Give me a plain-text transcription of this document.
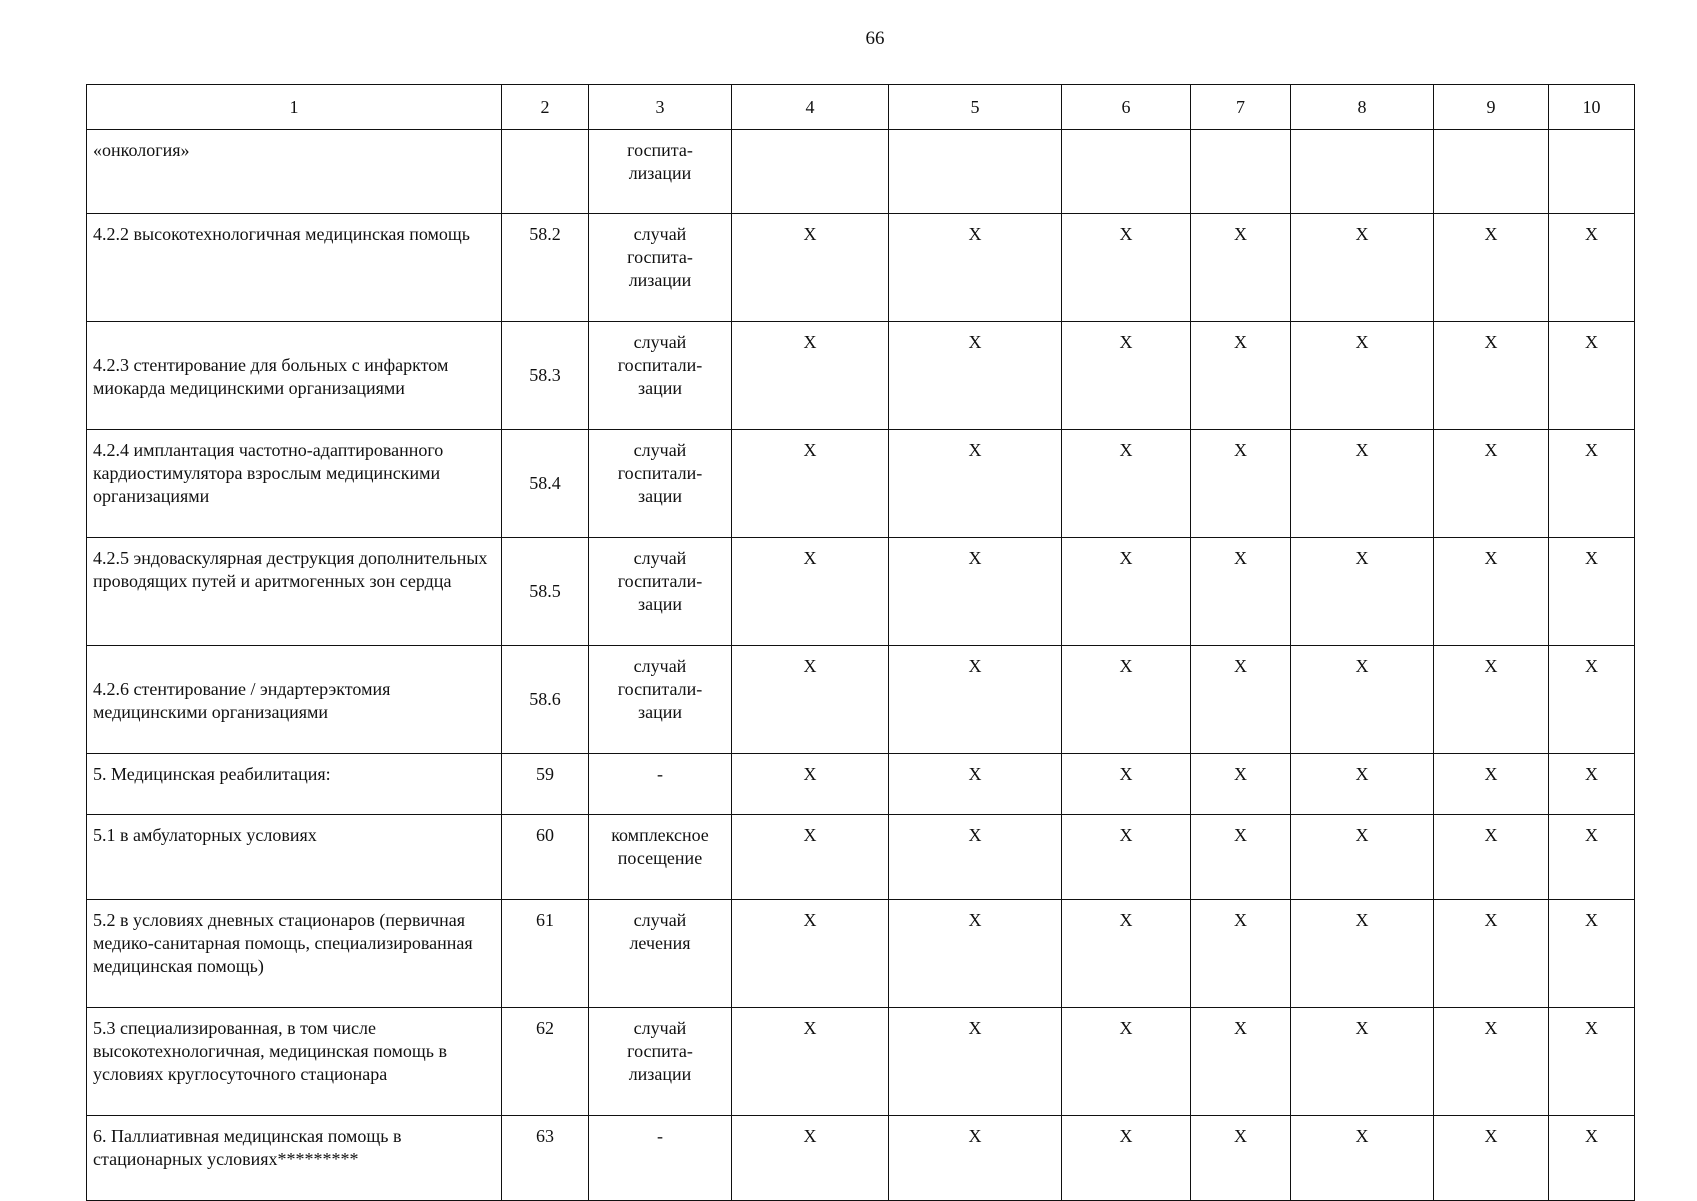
66
1	2	3	4	5	6	7	8	9	10
«онкология»		госпита-
лизации							
4.2.2 высокотехнологичная медицинская помощь	58.2	случай
госпита-
лизации	X	X	X	X	X	X	X
4.2.3 стентирование для больных с инфарктом миокарда медицинскими организациями	58.3	случай
госпитали-
зации	X	X	X	X	X	X	X
4.2.4 имплантация частотно-адаптированного кардиостимулятора взрослым медицинскими организациями	58.4	случай
госпитали-
зации	X	X	X	X	X	X	X
4.2.5 эндоваскулярная деструкция дополнительных проводящих путей и аритмогенных зон сердца	58.5	случай
госпитали-
зации	X	X	X	X	X	X	X
4.2.6 стентирование / эндартерэктомия медицинскими организациями	58.6	случай
госпитали-
зации	X	X	X	X	X	X	X
5. Медицинская реабилитация:	59	-	X	X	X	X	X	X	X
5.1 в амбулаторных условиях	60	комплексное
посещение	X	X	X	X	X	X	X
5.2 в условиях дневных стационаров (первичная медико-санитарная помощь, специализированная медицинская помощь)	61	случай
лечения	X	X	X	X	X	X	X
5.3 специализированная, в том числе высокотехнологичная, медицинская помощь в условиях круглосуточного стационара	62	случай
госпита-
лизации	X	X	X	X	X	X	X
6. Паллиативная медицинская помощь в стационарных условиях*********	63	-	X	X	X	X	X	X	X
